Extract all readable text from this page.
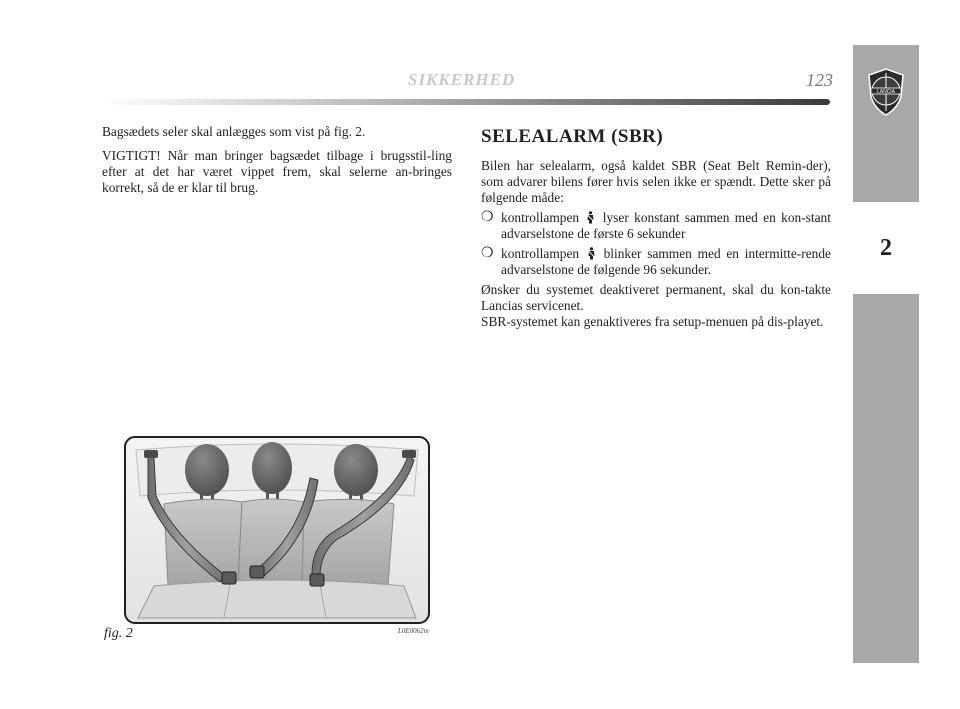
SIKKERHED	123
LANCIA
2

Bagsædets seler skal anlægges som vist på fig. 2.

VIGTIGT! Når man bringer bagsædet tilbage i brugsstil-ling efter at det har været vippet frem, skal selerne an-bringes korrekt, så de er klar til brug.

SELEALARM (SBR)

Bilen har selealarm, også kaldet SBR (Seat Belt Remin-der), som advarer bilens fører hvis selen ikke er spændt. Dette sker på følgende måde:

❍ kontrollampen lyser konstant sammen med en kon-stant advarselstone de første 6 sekunder
❍ kontrollampen blinker sammen med en intermitte-rende advarselstone de følgende 96 sekunder.

Ønsker du systemet deaktiveret permanent, skal du kon-takte Lancias servicenet.

SBR-systemet kan genaktiveres fra setup-menuen på dis-playet.

fig. 2	L0E0062m
